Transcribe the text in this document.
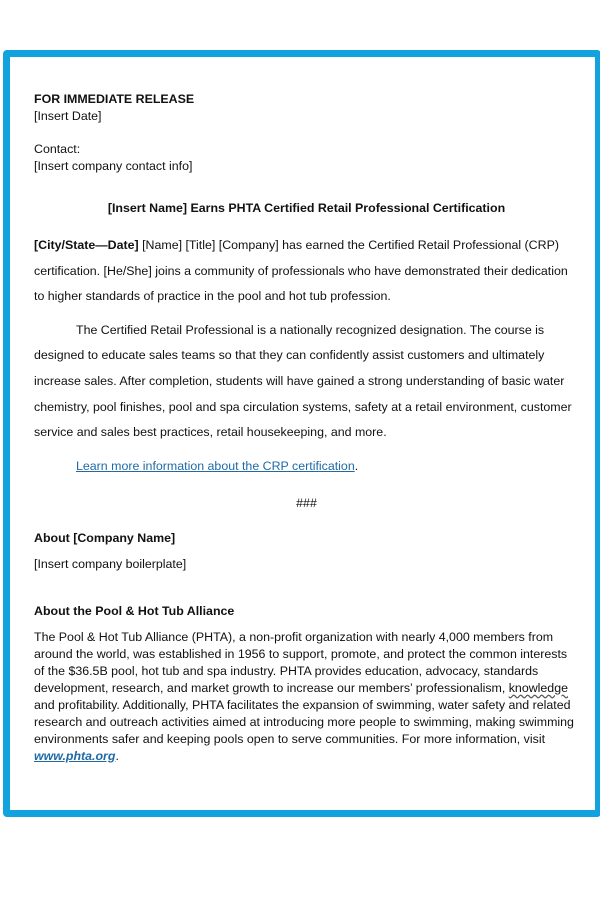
FOR IMMEDIATE RELEASE

[Insert Date]

Contact:

[Insert company contact info]

[Insert Name] Earns PHTA Certified Retail Professional Certification

[City/State—Date] [Name] [Title] [Company] has earned the Certified Retail Professional (CRP) certification. [He/She] joins a community of professionals who have demonstrated their dedication to higher standards of practice in the pool and hot tub profession.

The Certified Retail Professional is a nationally recognized designation. The course is designed to educate sales teams so that they can confidently assist customers and ultimately increase sales. After completion, students will have gained a strong understanding of basic water chemistry, pool finishes, pool and spa circulation systems, safety at a retail environment, customer service and sales best practices, retail housekeeping, and more.

Learn more information about the CRP certification.

###

About [Company Name]

[Insert company boilerplate]

About the Pool & Hot Tub Alliance

The Pool & Hot Tub Alliance (PHTA), a non-profit organization with nearly 4,000 members from around the world, was established in 1956 to support, promote, and protect the common interests of the $36.5B pool, hot tub and spa industry. PHTA provides education, advocacy, standards development, research, and market growth to increase our members’ professionalism, knowledge and profitability. Additionally, PHTA facilitates the expansion of swimming, water safety and related research and outreach activities aimed at introducing more people to swimming, making swimming environments safer and keeping pools open to serve communities. For more information, visit www.phta.org.
